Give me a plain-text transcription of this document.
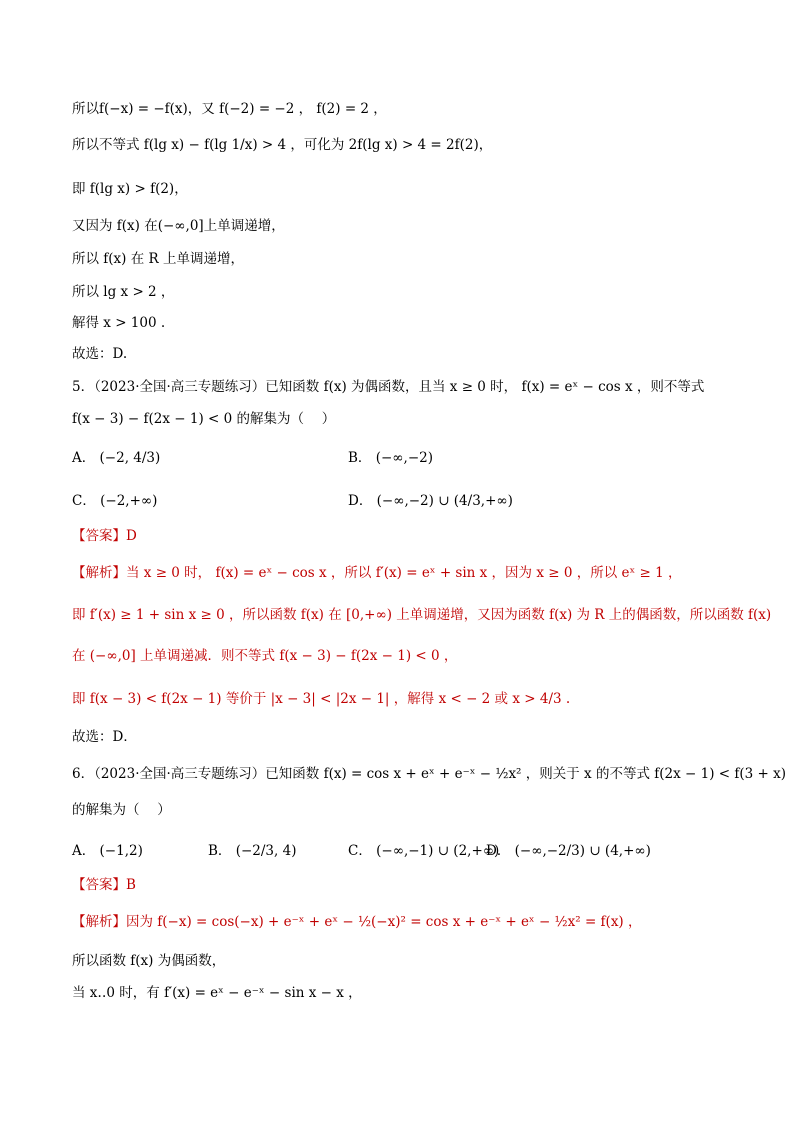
所以f(−x) = −f(x)，又 f(−2) = −2 ， f(2) = 2 ，
所以不等式 f(lg x) − f(lg 1/x) > 4 ，可化为 2f(lg x) > 4 = 2f(2)，
即 f(lg x) > f(2)，
又因为 f(x) 在(−∞,0]上单调递增，
所以 f(x) 在 R 上单调递增，
所以 lg x > 2 ，
解得 x > 100 .
故选：D.
5．（2023·全国·高三专题练习）已知函数 f(x) 为偶函数，且当 x ≥ 0 时， f(x) = eˣ − cos x ，则不等式
f(x − 3) − f(2x − 1) < 0 的解集为（　 ）
A． (−2, 4/3)	B． (−∞,−2)
C． (−2,+∞)	D． (−∞,−2) ∪ (4/3,+∞)
【答案】D
【解析】当 x ≥ 0 时， f(x) = eˣ − cos x ，所以 f′(x) = eˣ + sin x ，因为 x ≥ 0 ，所以 eˣ ≥ 1 ，
即 f′(x) ≥ 1 + sin x ≥ 0 ，所以函数 f(x) 在 [0,+∞) 上单调递增，又因为函数 f(x) 为 R 上的偶函数，所以函数 f(x)
在 (−∞,0] 上单调递减．则不等式 f(x − 3) − f(2x − 1) < 0 ，
即 f(x − 3) < f(2x − 1) 等价于 |x − 3| < |2x − 1| ，解得 x < − 2 或 x > 4/3 .
故选：D．
6．（2023·全国·高三专题练习）已知函数 f(x) = cos x + eˣ + e⁻ˣ − ½x² ，则关于 x 的不等式 f(2x − 1) < f(3 + x)
的解集为（　 ）
A． (−1,2)	B． (−2/3, 4)	C． (−∞,−1) ∪ (2,+∞)
D． (−∞,−2/3) ∪ (4,+∞)
【答案】B
【解析】因为 f(−x) = cos(−x) + e⁻ˣ + eˣ − ½(−x)² = cos x + e⁻ˣ + eˣ − ½x² = f(x) ，
所以函数 f(x) 为偶函数，
当 x‥0 时，有 f′(x) = eˣ − e⁻ˣ − sin x − x ，
